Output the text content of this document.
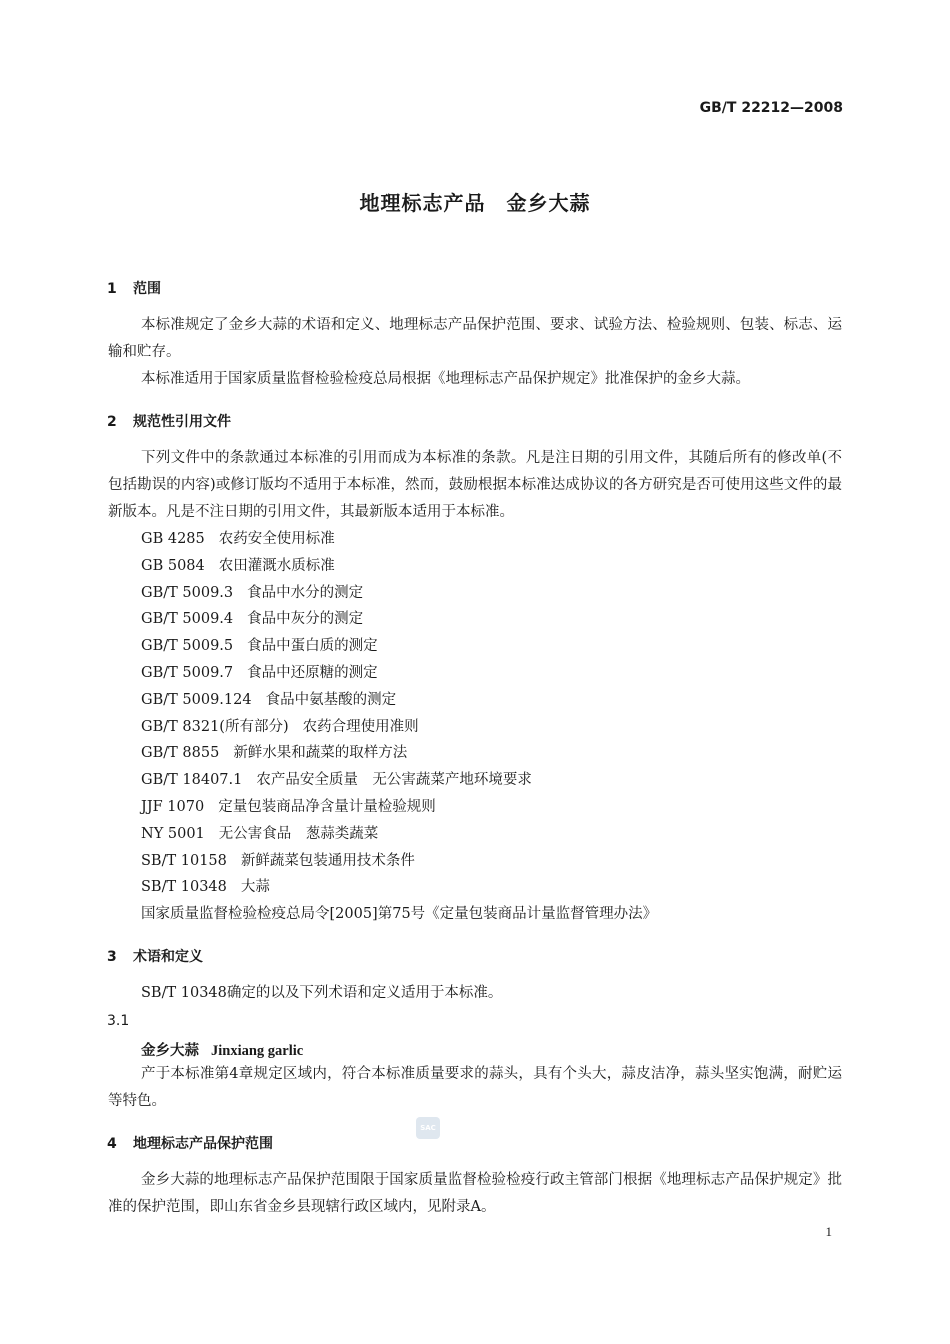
GB/T 22212—2008
地理标志产品　金乡大蒜
1 范围
本标准规定了金乡大蒜的术语和定义、地理标志产品保护范围、要求、试验方法、检验规则、包装、标志、运输和贮存。
本标准适用于国家质量监督检验检疫总局根据《地理标志产品保护规定》批准保护的金乡大蒜。
2 规范性引用文件
下列文件中的条款通过本标准的引用而成为本标准的条款。凡是注日期的引用文件，其随后所有的修改单(不包括勘误的内容)或修订版均不适用于本标准，然而，鼓励根据本标准达成协议的各方研究是否可使用这些文件的最新版本。凡是不注日期的引用文件，其最新版本适用于本标准。
GB 4285 农药安全使用标准
GB 5084 农田灌溉水质标准
GB/T 5009.3 食品中水分的测定
GB/T 5009.4 食品中灰分的测定
GB/T 5009.5 食品中蛋白质的测定
GB/T 5009.7 食品中还原糖的测定
GB/T 5009.124 食品中氨基酸的测定
GB/T 8321(所有部分) 农药合理使用准则
GB/T 8855 新鲜水果和蔬菜的取样方法
GB/T 18407.1 农产品安全质量　无公害蔬菜产地环境要求
JJF 1070 定量包装商品净含量计量检验规则
NY 5001 无公害食品　葱蒜类蔬菜
SB/T 10158 新鲜蔬菜包装通用技术条件
SB/T 10348 大蒜
国家质量监督检验检疫总局令[2005]第75号《定量包装商品计量监督管理办法》
3 术语和定义
SB/T 10348确定的以及下列术语和定义适用于本标准。
3.1
金乡大蒜 Jinxiang garlic
产于本标准第4章规定区域内，符合本标准质量要求的蒜头，具有个头大，蒜皮洁净，蒜头坚实饱满，耐贮运等特色。
SAC
4 地理标志产品保护范围
金乡大蒜的地理标志产品保护范围限于国家质量监督检验检疫行政主管部门根据《地理标志产品保护规定》批准的保护范围，即山东省金乡县现辖行政区域内，见附录A。
1
